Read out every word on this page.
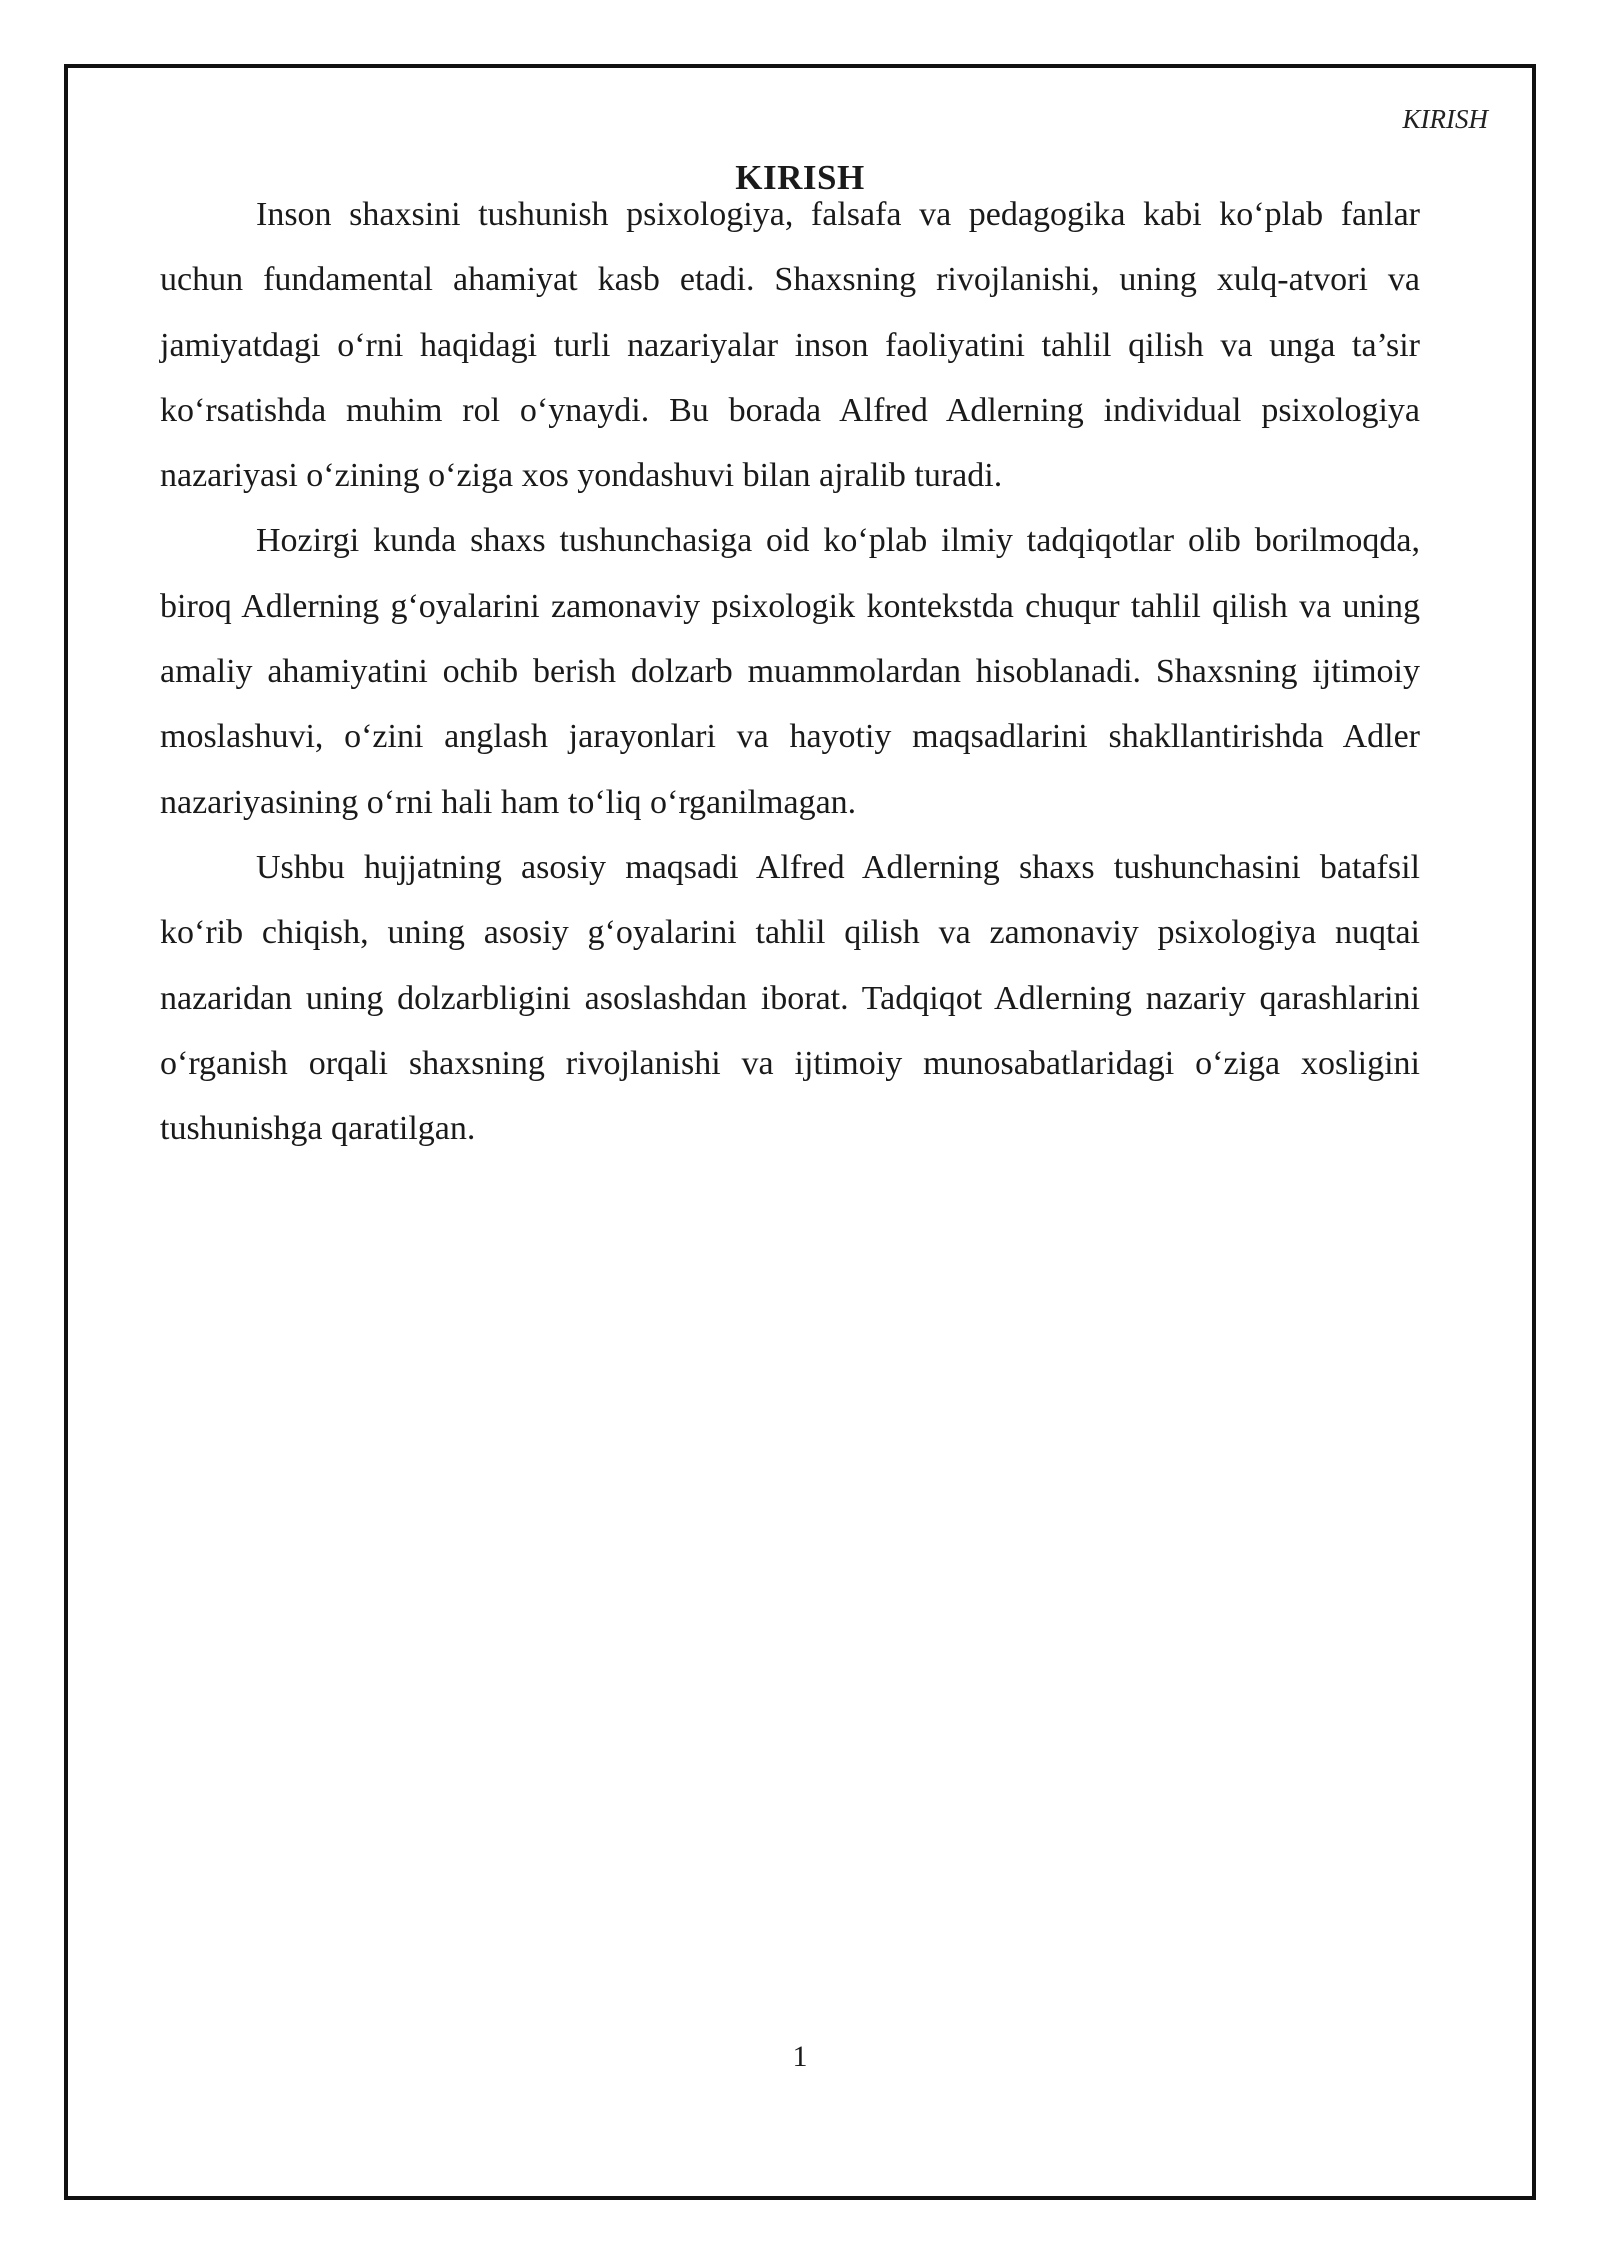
KIRISH

KIRISH

Inson shaxsini tushunish psixologiya, falsafa va pedagogika kabi ko‘plab fanlar uchun fundamental ahamiyat kasb etadi. Shaxsning rivojlanishi, uning xulq-atvori va jamiyatdagi o‘rni haqidagi turli nazariyalar inson faoliyatini tahlil qilish va unga ta’sir ko‘rsatishda muhim rol o‘ynaydi. Bu borada Alfred Adlerning individual psixologiya nazariyasi o‘zining o‘ziga xos yondashuvi bilan ajralib turadi.

Hozirgi kunda shaxs tushunchasiga oid ko‘plab ilmiy tadqiqotlar olib borilmoqda, biroq Adlerning g‘oyalarini zamonaviy psixologik kontekstda chuqur tahlil qilish va uning amaliy ahamiyatini ochib berish dolzarb muammolardan hisoblanadi. Shaxsning ijtimoiy moslashuvi, o‘zini anglash jarayonlari va hayotiy maqsadlarini shakllantirishda Adler nazariyasining o‘rni hali ham to‘liq o‘rganilmagan.

Ushbu hujjatning asosiy maqsadi Alfred Adlerning shaxs tushunchasini batafsil ko‘rib chiqish, uning asosiy g‘oyalarini tahlil qilish va zamonaviy psixologiya nuqtai nazaridan uning dolzarbligini asoslashdan iborat. Tadqiqot Adlerning nazariy qarashlarini o‘rganish orqali shaxsning rivojlanishi va ijtimoiy munosabatlaridagi o‘ziga xosligini tushunishga qaratilgan.

1
